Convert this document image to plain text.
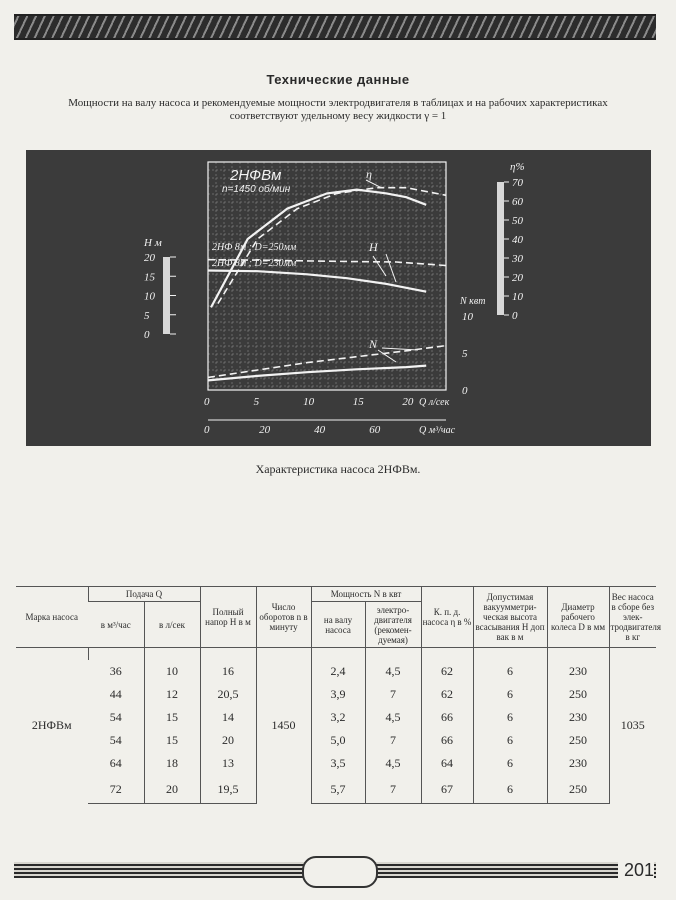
Технические данные
Мощности на валу насоса и рекомендуемые мощности электродвигателя в таблицах и на рабочих характеристиках соответствуют удельному весу жидкости γ = 1
2НФВм
n=1450 об/мин
0	5	10	15	20 Q л/сек
0	20	40	60	Q м³/час
0
5
10
N квт
Н м
0
5
10
15
20
η%
0
10
20
30
40
50
60
70
2НФ 8м ; D=250мм
2НФ 8м ; D=230мм
η
Н
N
Характеристика насоса 2НФВм.
Марка насоса	Подача Q		Полный напор Н в м	Число оборотов n в минуту	Мощность N в квт		К. п. д. насоса η в %	Допустимая вакуумметри-ческая высота всасывания Н доп вак в м	Диаметр рабочего колеса D в мм	Вес насоса в сборе без элек-тродвигателя в кг
	в м³/час	в л/сек			на валу насоса	электро-двигателя (рекомен-дуемая)				
2НФВм				1450						1035
	36	10	16		2,4	4,5	62	6	230	
	44	12	20,5		3,9	7	62	6	250	
	54	15	14		3,2	4,5	66	6	230	
	54	15	20		5,0	7	66	6	250	
	64	18	13		3,5	4,5	64	6	230	
	72	20	19,5		5,7	7	67	6	250	
201
